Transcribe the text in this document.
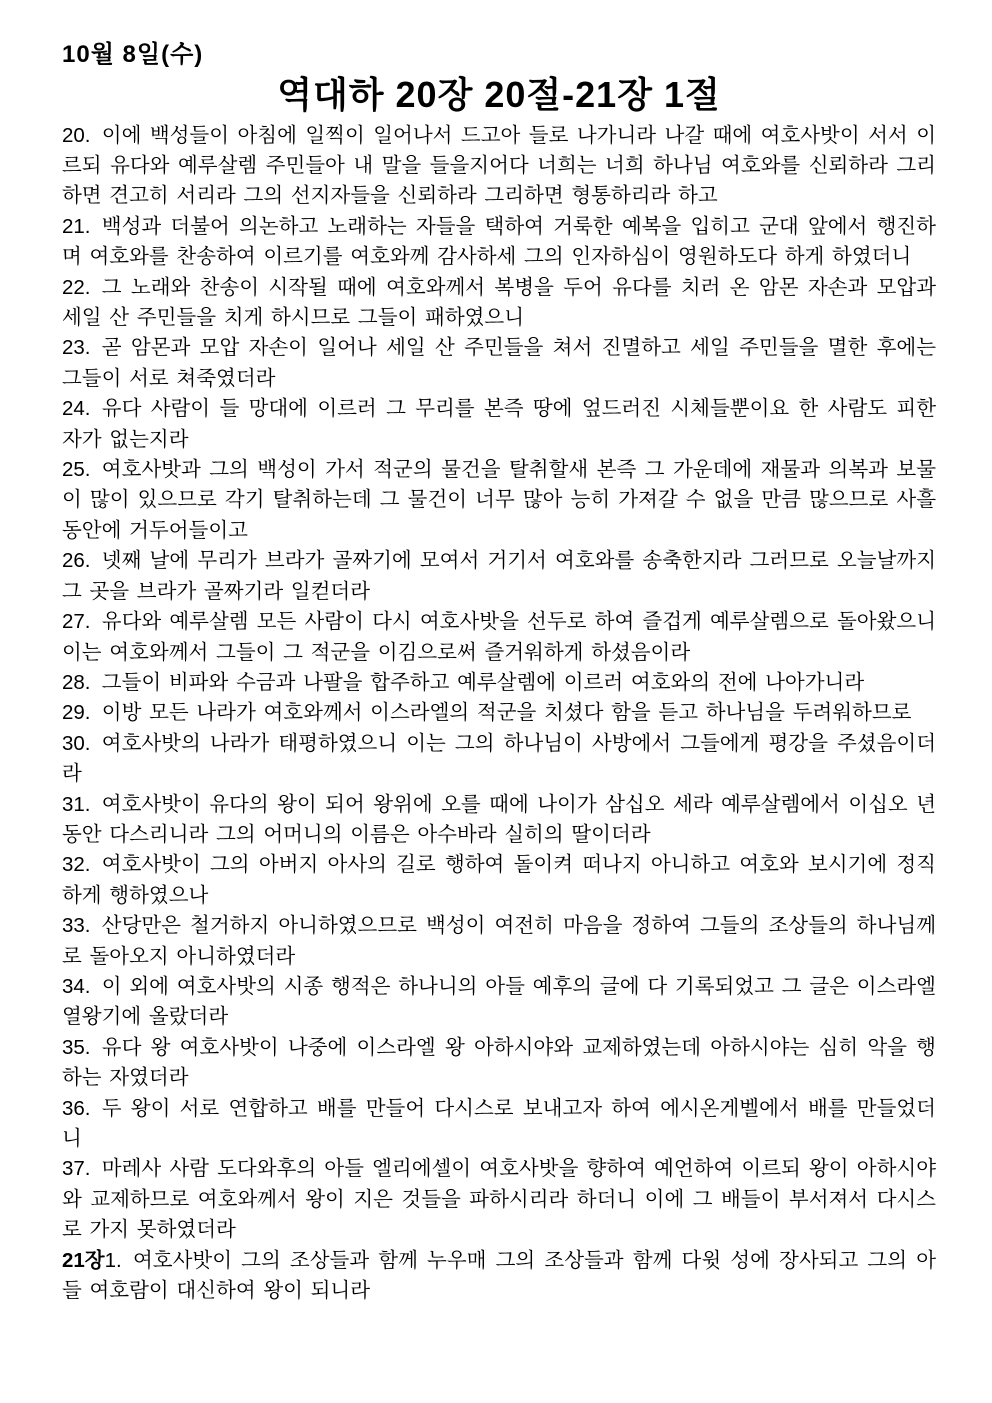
10월 8일(수)

역대하 20장 20절-21장 1절

20. 이에 백성들이 아침에 일찍이 일어나서 드고아 들로 나가니라 나갈 때에 여호사밧이 서서 이르되 유다와 예루살렘 주민들아 내 말을 들을지어다 너희는 너희 하나님 여호와를 신뢰하라 그리하면 견고히 서리라 그의 선지자들을 신뢰하라 그리하면 형통하리라 하고

21. 백성과 더불어 의논하고 노래하는 자들을 택하여 거룩한 예복을 입히고 군대 앞에서 행진하며 여호와를 찬송하여 이르기를 여호와께 감사하세 그의 인자하심이 영원하도다 하게 하였더니

22. 그 노래와 찬송이 시작될 때에 여호와께서 복병을 두어 유다를 치러 온 암몬 자손과 모압과 세일 산 주민들을 치게 하시므로 그들이 패하였으니

23. 곧 암몬과 모압 자손이 일어나 세일 산 주민들을 쳐서 진멸하고 세일 주민들을 멸한 후에는 그들이 서로 쳐죽였더라

24. 유다 사람이 들 망대에 이르러 그 무리를 본즉 땅에 엎드러진 시체들뿐이요 한 사람도 피한 자가 없는지라

25. 여호사밧과 그의 백성이 가서 적군의 물건을 탈취할새 본즉 그 가운데에 재물과 의복과 보물이 많이 있으므로 각기 탈취하는데 그 물건이 너무 많아 능히 가져갈 수 없을 만큼 많으므로 사흘 동안에 거두어들이고

26. 넷째 날에 무리가 브라가 골짜기에 모여서 거기서 여호와를 송축한지라 그러므로 오늘날까지 그 곳을 브라가 골짜기라 일컫더라

27. 유다와 예루살렘 모든 사람이 다시 여호사밧을 선두로 하여 즐겁게 예루살렘으로 돌아왔으니 이는 여호와께서 그들이 그 적군을 이김으로써 즐거워하게 하셨음이라

28. 그들이 비파와 수금과 나팔을 합주하고 예루살렘에 이르러 여호와의 전에 나아가니라

29. 이방 모든 나라가 여호와께서 이스라엘의 적군을 치셨다 함을 듣고 하나님을 두려워하므로

30. 여호사밧의 나라가 태평하였으니 이는 그의 하나님이 사방에서 그들에게 평강을 주셨음이더라

31. 여호사밧이 유다의 왕이 되어 왕위에 오를 때에 나이가 삼십오 세라 예루살렘에서 이십오 년 동안 다스리니라 그의 어머니의 이름은 아수바라 실히의 딸이더라

32. 여호사밧이 그의 아버지 아사의 길로 행하여 돌이켜 떠나지 아니하고 여호와 보시기에 정직하게 행하였으나

33. 산당만은 철거하지 아니하였으므로 백성이 여전히 마음을 정하여 그들의 조상들의 하나님께로 돌아오지 아니하였더라

34. 이 외에 여호사밧의 시종 행적은 하나니의 아들 예후의 글에 다 기록되었고 그 글은 이스라엘 열왕기에 올랐더라

35. 유다 왕 여호사밧이 나중에 이스라엘 왕 아하시야와 교제하였는데 아하시야는 심히 악을 행하는 자였더라

36. 두 왕이 서로 연합하고 배를 만들어 다시스로 보내고자 하여 에시온게벨에서 배를 만들었더니

37. 마레사 사람 도다와후의 아들 엘리에셀이 여호사밧을 향하여 예언하여 이르되 왕이 아하시야와 교제하므로 여호와께서 왕이 지은 것들을 파하시리라 하더니 이에 그 배들이 부서져서 다시스로 가지 못하였더라

21장1. 여호사밧이 그의 조상들과 함께 누우매 그의 조상들과 함께 다윗 성에 장사되고 그의 아들 여호람이 대신하여 왕이 되니라
